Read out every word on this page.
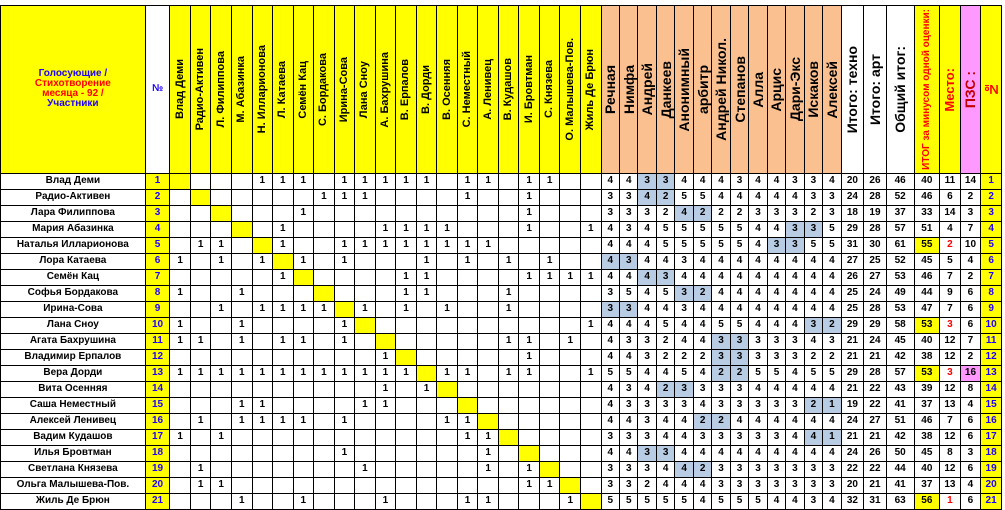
Голосующие /
Стихотворение
месяца - 92 /
Участники	№	Влад Деми	Радио-Активен	Л. Филиппова	М. Абазинка	Н. Илларионова	Л. Катаева	Семён Кац	С. Бордакова	Ирина-Сова	Лана Сноу	А. Бахрушина	В. Ерпалов	В. Дорди	В. Осенняя	С. Неместный	А. Ленивец	В. Кудашов	И. Бровтман	С. Князева	О. Малышева-Пов.	Жиль Де Брюн	Речная	Нимфа	Андрей	Данкеев	Анонимный	арбитр	Андрей Никол.	Степанов	Алла	Арцис	Дари-Экс	Искаков	Алексей	Итого: техно	Итого: арт	Общий итог:	ИТОГ за минусом одной оценки:	Место:	ПЗС :	№
Влад Деми	1					1	1	1		1	1	1	1	1		1	1		1	1			4	4	3	3	4	4	4	3	4	4	3	3	4	20	26	46	40	11	14	1
Радио-Активен	2								1	1	1					1			1				3	3	4	2	5	5	4	4	4	4	4	3	3	24	28	52	46	6	2	2
Лара Филиппова	3							1											1				3	3	3	2	4	2	2	2	3	3	3	2	3	18	19	37	33	14	3	3
Мария Абазинка	4						1					1	1	1	1				1			1	4	3	4	5	5	5	5	5	4	4	3	3	5	29	28	57	51	4	7	4
Наталья Илларионова	5		1	1			1			1	1	1	1	1	1	1	1						4	4	4	5	5	5	5	5	4	3	3	5	5	31	30	61	55	2	10	5
Лора Катаева	6	1		1		1		1		1				1		1		1		1			4	3	4	4	3	4	4	4	4	4	4	4	4	27	25	52	45	5	4	6
Семён Кац	7						1						1	1					1	1	1	1	4	4	4	3	4	4	4	4	4	4	4	4	4	26	27	53	46	7	2	7
Софья Бордакова	8	1			1								1	1				1					3	5	4	5	3	2	4	4	4	4	4	4	4	25	24	49	44	9	6	8
Ирина-Сова	9			1		1	1	1	1		1		1		1			1					3	3	4	4	3	4	4	4	4	4	4	4	4	25	28	53	47	7	6	9
Лана Сноу	10	1			1					1												1	4	4	4	5	4	4	5	5	4	4	4	3	2	29	29	58	53	3	6	10
Агата Бахрушина	11	1	1		1		1	1		1								1	1		1		4	3	3	2	4	4	3	3	3	3	3	4	3	21	24	45	40	12	7	11
Владимир Ерпалов	12											1							1				4	4	3	2	2	2	3	3	3	3	3	2	2	21	21	42	38	12	2	12
Вера Дорди	13	1	1	1	1	1	1	1	1	1	1	1	1		1	1		1	1			1	5	5	4	4	5	4	2	2	5	5	4	5	5	29	28	57	53	3	16	13
Вита Осенняя	14											1		1									4	3	4	2	3	3	3	3	4	4	4	4	4	21	22	43	39	12	8	14
Саша Неместный	15				1	1					1	1											4	3	3	3	3	4	3	3	3	3	3	2	1	19	22	41	37	13	4	15
Алексей Ленивец	16		1		1	1	1	1		1					1	1							4	4	3	4	4	2	2	4	4	4	4	4	4	24	27	51	46	7	6	16
Вадим Кудашов	17	1		1												1	1						3	3	3	4	4	3	3	3	3	3	4	4	1	21	21	42	38	12	6	17
Илья Бровтман	18									1							1						4	4	3	3	4	4	4	4	4	4	4	4	4	24	26	50	45	8	3	18
Светлана Князева	19		1								1						1		1				3	3	3	4	4	2	3	3	3	3	3	3	3	22	22	44	40	12	6	19
Ольга Малышева-Пов.	20		1	1															1	1			3	3	2	4	4	4	3	3	3	3	3	3	3	20	21	41	37	13	4	20
Жиль Де Брюн	21				1			1				1				1	1				1		5	5	5	5	5	4	5	5	5	4	4	3	4	32	31	63	56	1	6	21
